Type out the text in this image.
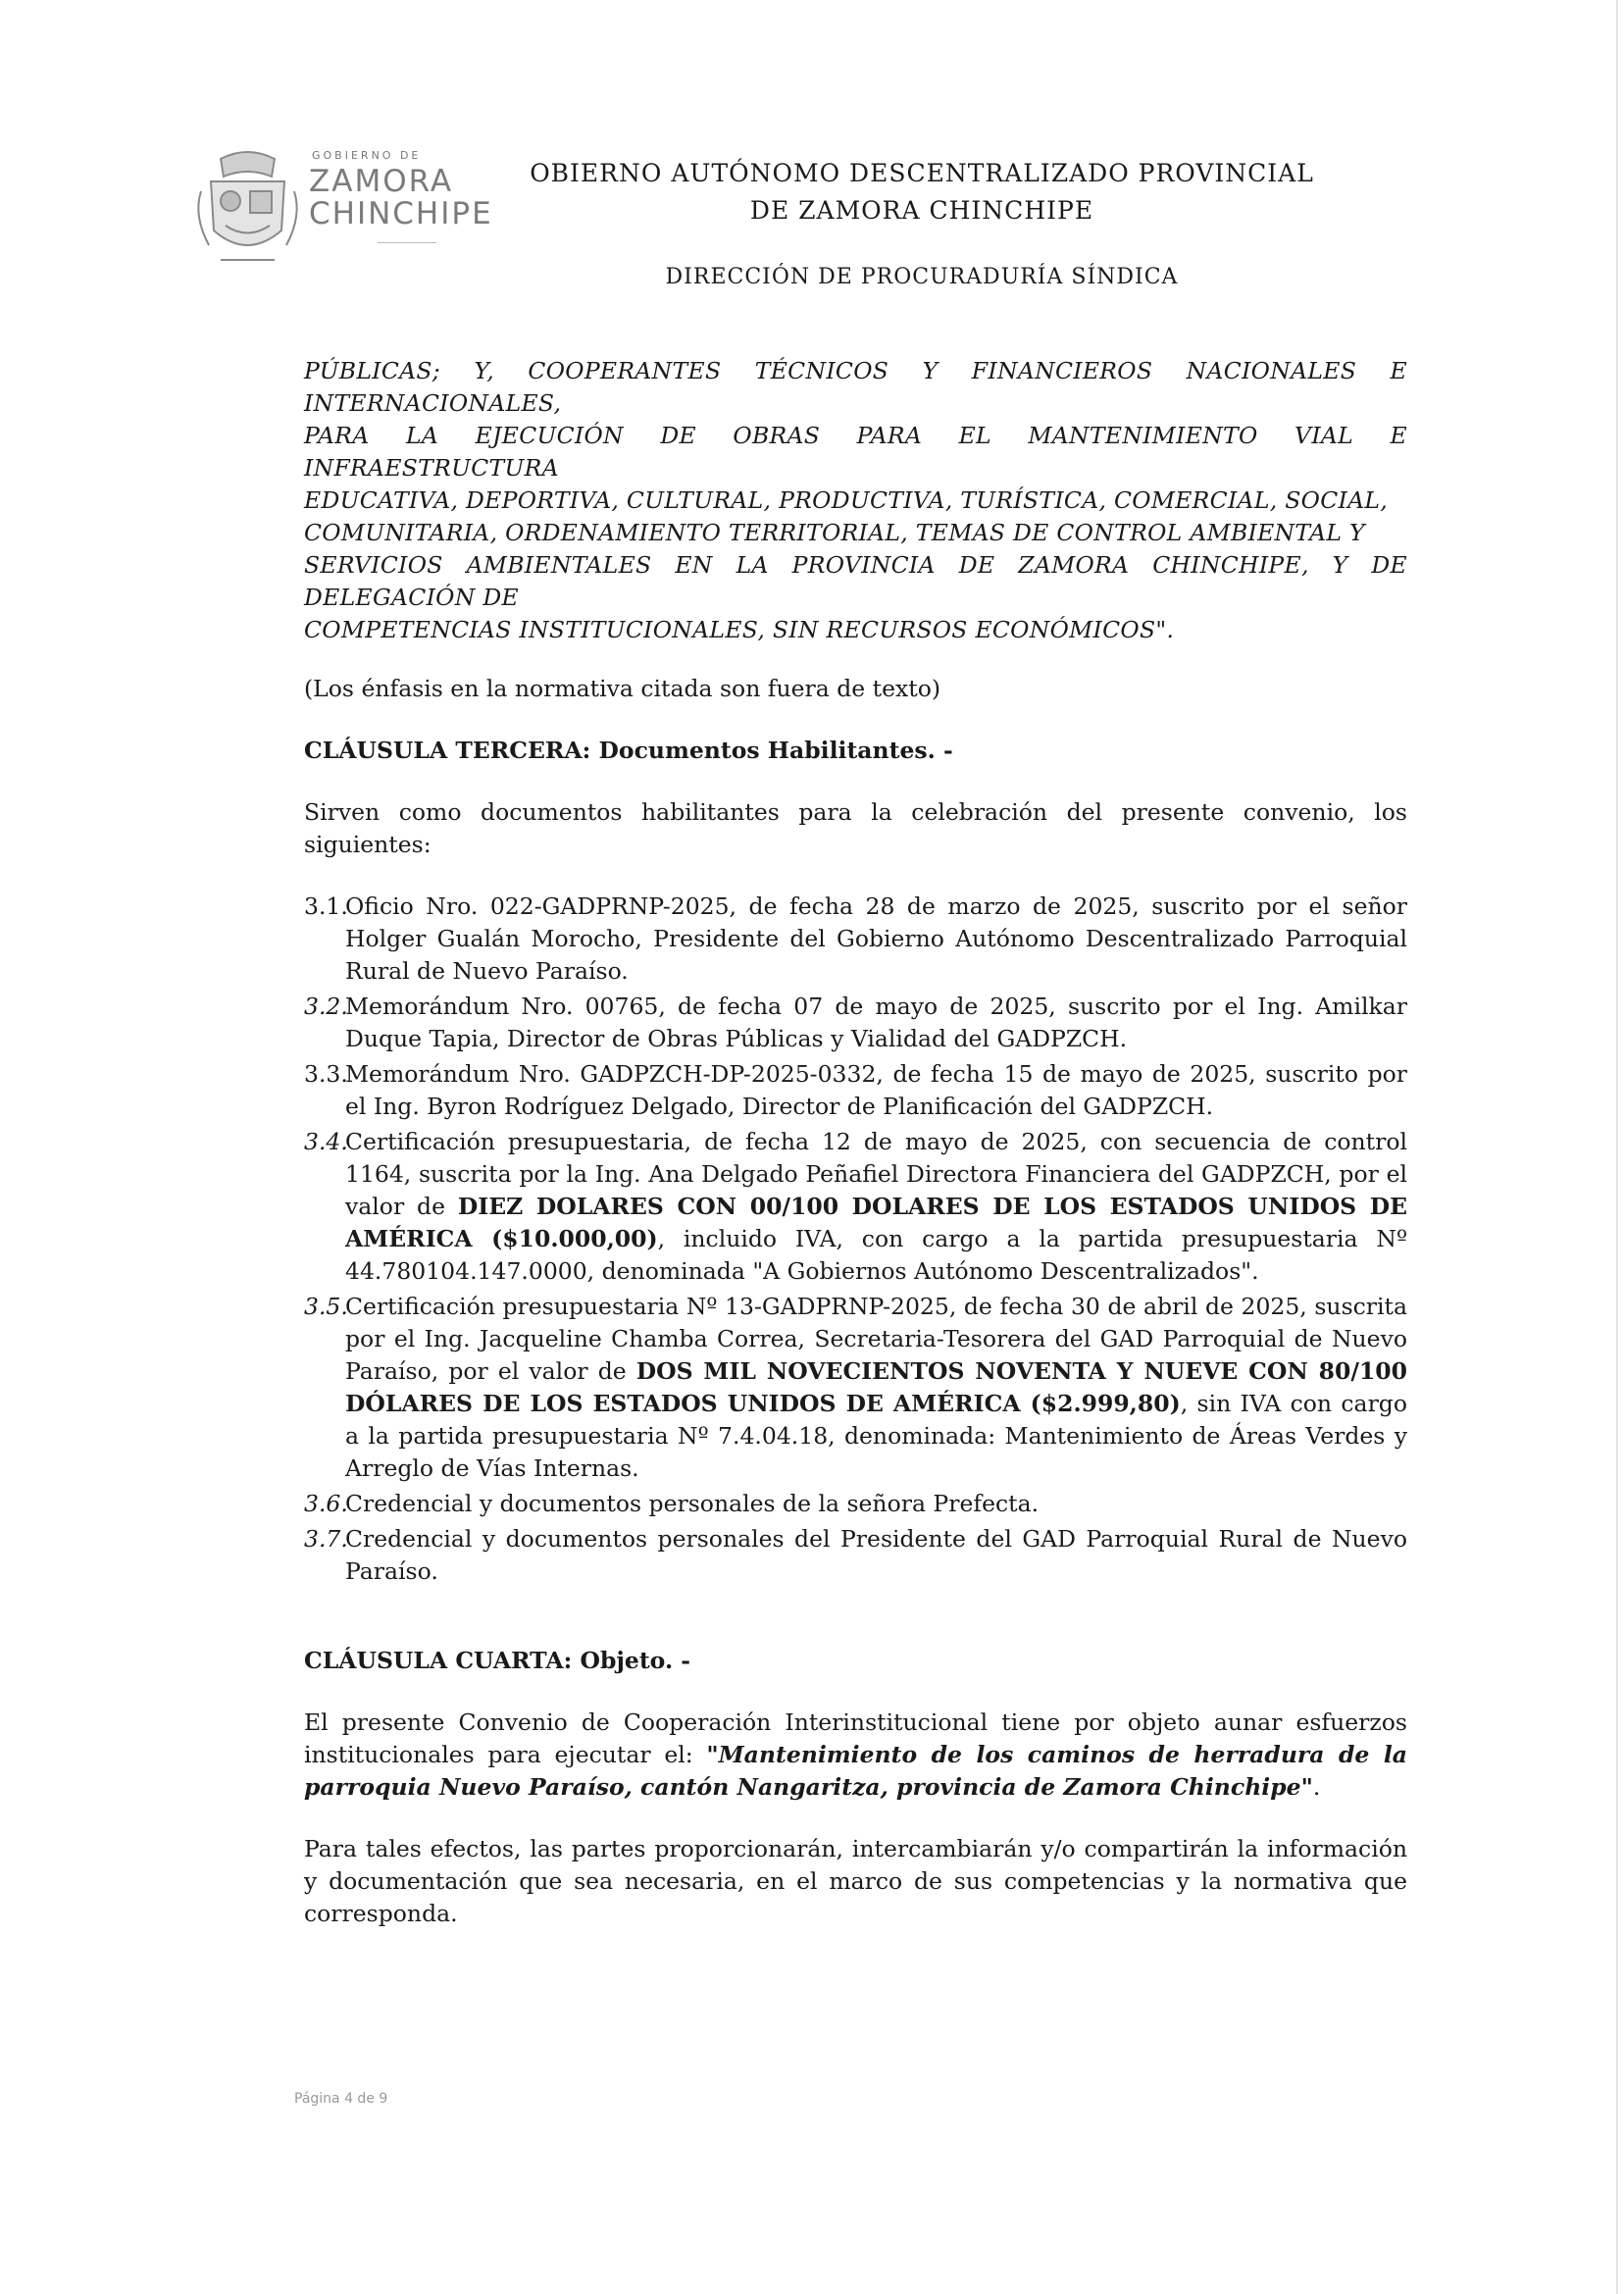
GOBIERNO DE
ZAMORA
CHINCHIPE
OBIERNO AUTÓNOMO DESCENTRALIZADO PROVINCIAL
DE ZAMORA CHINCHIPE
DIRECCIÓN DE PROCURADURÍA SÍNDICA
PÚBLICAS; Y, COOPERANTES TÉCNICOS Y FINANCIEROS NACIONALES E INTERNACIONALES,
PARA LA EJECUCIÓN DE OBRAS PARA EL MANTENIMIENTO VIAL E INFRAESTRUCTURA
EDUCATIVA, DEPORTIVA, CULTURAL, PRODUCTIVA, TURÍSTICA, COMERCIAL, SOCIAL,
COMUNITARIA, ORDENAMIENTO TERRITORIAL, TEMAS DE CONTROL AMBIENTAL Y
SERVICIOS AMBIENTALES EN LA PROVINCIA DE ZAMORA CHINCHIPE, Y DE DELEGACIÓN DE
COMPETENCIAS INSTITUCIONALES, SIN RECURSOS ECONÓMICOS".

(Los énfasis en la normativa citada son fuera de texto)

CLÁUSULA TERCERA: Documentos Habilitantes. -

Sirven como documentos habilitantes para la celebración del presente convenio, los siguientes:

3.1.
Oficio Nro. 022-GADPRNP-2025, de fecha 28 de marzo de 2025, suscrito por el señor Holger Gualán Morocho, Presidente del Gobierno Autónomo Descentralizado Parroquial Rural de Nuevo Paraíso.
3.2.
Memorándum Nro. 00765, de fecha 07 de mayo de 2025, suscrito por el Ing. Amilkar Duque Tapia, Director de Obras Públicas y Vialidad del GADPZCH.
3.3.
Memorándum Nro. GADPZCH-DP-2025-0332, de fecha 15 de mayo de 2025, suscrito por el Ing. Byron Rodríguez Delgado, Director de Planificación del GADPZCH.
3.4.
Certificación presupuestaria, de fecha 12 de mayo de 2025, con secuencia de control 1164, suscrita por la Ing. Ana Delgado Peñafiel Directora Financiera del GADPZCH, por el valor de DIEZ DOLARES CON 00/100 DOLARES DE LOS ESTADOS UNIDOS DE AMÉRICA ($10.000,00), incluido IVA, con cargo a la partida presupuestaria Nº 44.780104.147.0000, denominada "A Gobiernos Autónomo Descentralizados".
3.5.
Certificación presupuestaria Nº 13-GADPRNP-2025, de fecha 30 de abril de 2025, suscrita por el Ing. Jacqueline Chamba Correa, Secretaria-Tesorera del GAD Parroquial de Nuevo Paraíso, por el valor de DOS MIL NOVECIENTOS NOVENTA Y NUEVE CON 80/100 DÓLARES DE LOS ESTADOS UNIDOS DE AMÉRICA ($2.999,80), sin IVA con cargo a la partida presupuestaria Nº 7.4.04.18, denominada: Mantenimiento de Áreas Verdes y Arreglo de Vías Internas.
3.6.
Credencial y documentos personales de la señora Prefecta.
3.7.
Credencial y documentos personales del Presidente del GAD Parroquial Rural de Nuevo Paraíso.

CLÁUSULA CUARTA: Objeto. -

El presente Convenio de Cooperación Interinstitucional tiene por objeto aunar esfuerzos institucionales para ejecutar el: "Mantenimiento de los caminos de herradura de la parroquia Nuevo Paraíso, cantón Nangaritza, provincia de Zamora Chinchipe".

Para tales efectos, las partes proporcionarán, intercambiarán y/o compartirán la información y documentación que sea necesaria, en el marco de sus competencias y la normativa que corresponda.

Página 4 de 9
